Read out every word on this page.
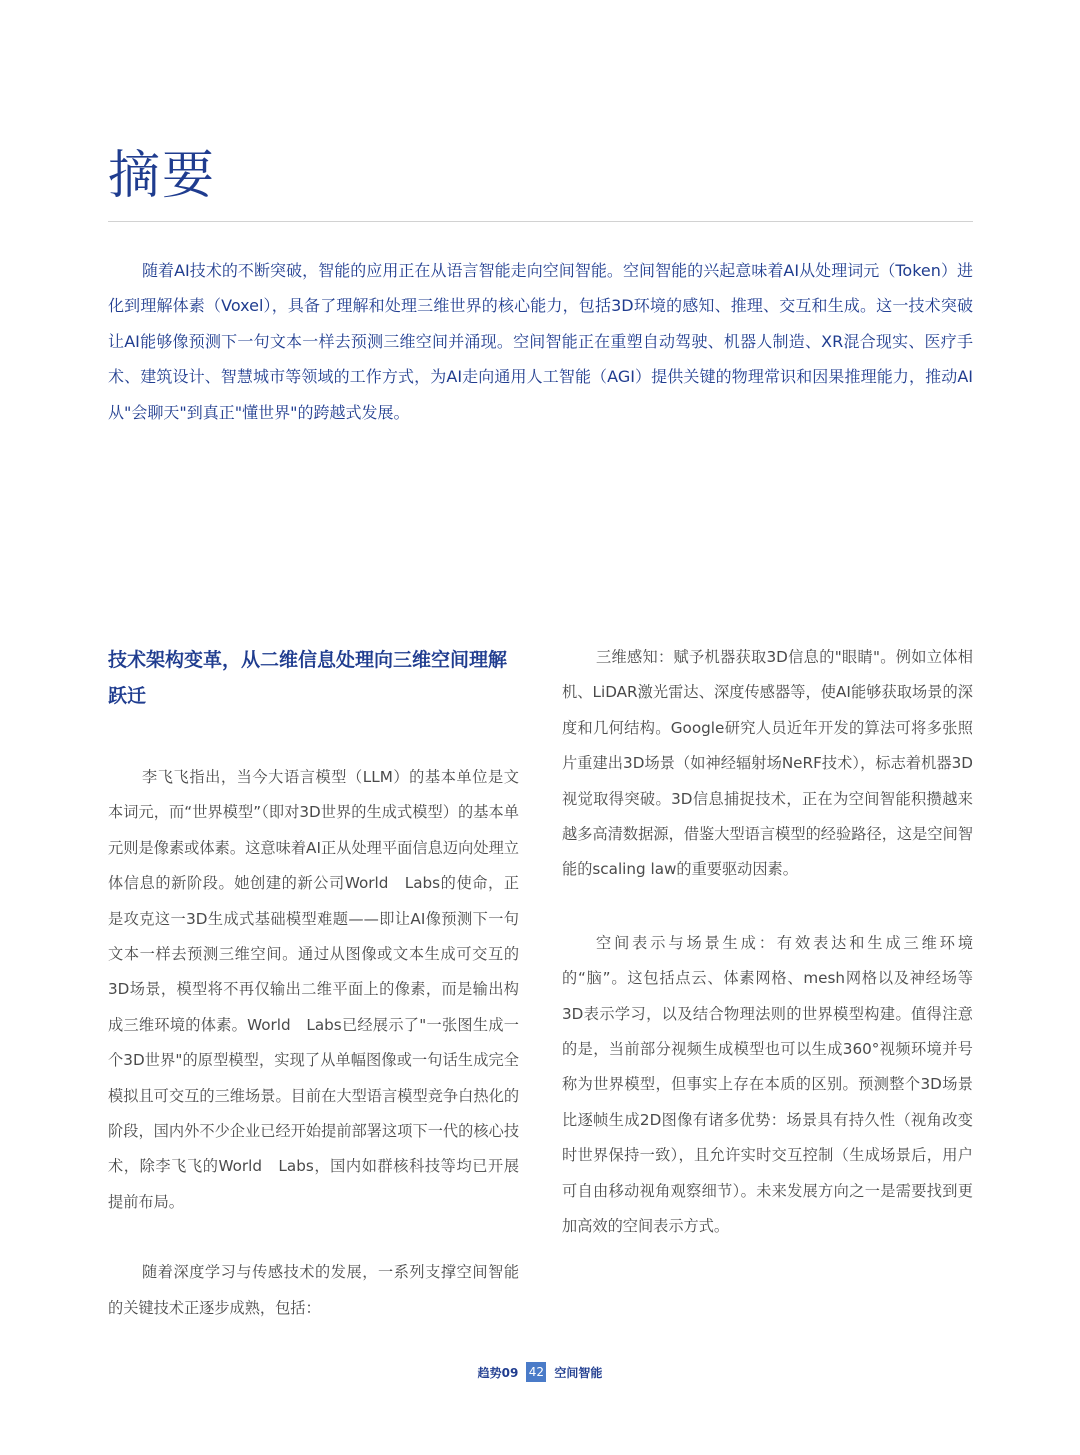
摘要

随着AI技术的不断突破，智能的应用正在从语言智能走向空间智能。空间智能的兴起意味着AI从处理词元（Token）进化到理解体素（Voxel），具备了理解和处理三维世界的核心能力，包括3D环境的感知、推理、交互和生成。这一技术突破让AI能够像预测下一句文本一样去预测三维空间并涌现。空间智能正在重塑自动驾驶、机器人制造、XR混合现实、医疗手术、建筑设计、智慧城市等领域的工作方式，为AI走向通用人工智能（AGI）提供关键的物理常识和因果推理能力，推动AI从"会聊天"到真正"懂世界"的跨越式发展。

技术架构变革，从二维信息处理向三维空间理解跃迁

李飞飞指出，当今大语言模型（LLM）的基本单位是文本词元，而“世界模型”（即对3D世界的生成式模型）的基本单元则是像素或体素。这意味着AI正从处理平面信息迈向处理立体信息的新阶段。她创建的新公司World　Labs的使命，正是攻克这一3D生成式基础模型难题——即让AI像预测下一句文本一样去预测三维空间。通过从图像或文本生成可交互的3D场景，模型将不再仅输出二维平面上的像素，而是输出构成三维环境的体素。World　Labs已经展示了"一张图生成一个3D世界"的原型模型，实现了从单幅图像或一句话生成完全模拟且可交互的三维场景。目前在大型语言模型竞争白热化的阶段，国内外不少企业已经开始提前部署这项下一代的核心技术，除李飞飞的World　Labs，国内如群核科技等均已开展提前布局。

随着深度学习与传感技术的发展，一系列支撑空间智能的关键技术正逐步成熟，包括：

三维感知：赋予机器获取3D信息的"眼睛"。例如立体相机、LiDAR激光雷达、深度传感器等，使AI能够获取场景的深度和几何结构。Google研究人员近年开发的算法可将多张照片重建出3D场景（如神经辐射场NeRF技术），标志着机器3D视觉取得突破。3D信息捕捉技术，正在为空间智能积攒越来越多高清数据源，借鉴大型语言模型的经验路径，这是空间智能的scaling law的重要驱动因素。

空间表示与场景生成：有效表达和生成三维环境的“脑”。这包括点云、体素网格、mesh网格以及神经场等3D表示学习，以及结合物理法则的世界模型构建。值得注意的是，当前部分视频生成模型也可以生成360°视频环境并号称为世界模型，但事实上存在本质的区别。预测整个3D场景比逐帧生成2D图像有诸多优势：场景具有持久性（视角改变时世界保持一致），且允许实时交互控制（生成场景后，用户可自由移动视角观察细节）。未来发展方向之一是需要找到更加高效的空间表示方式。

趋势09 42 空间智能
